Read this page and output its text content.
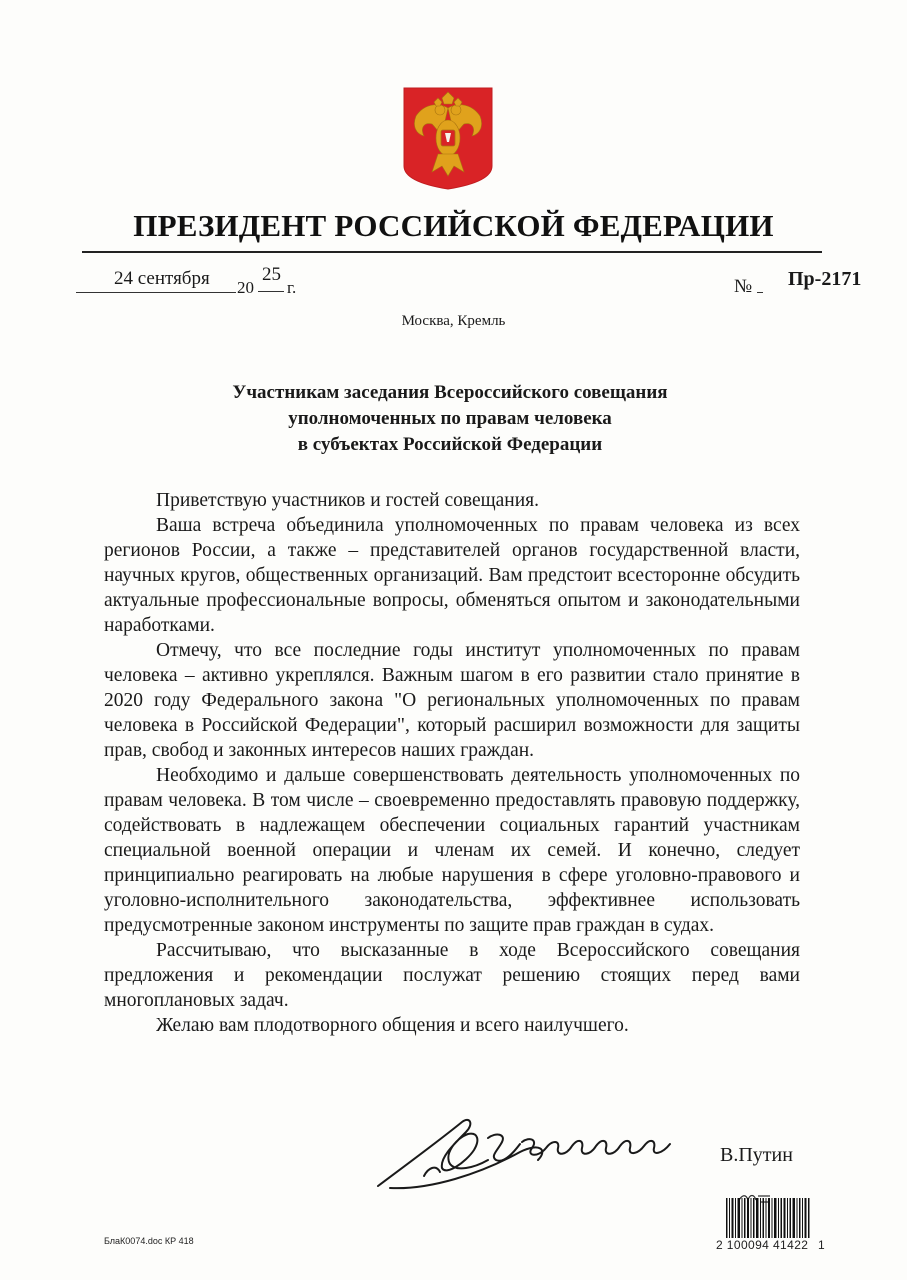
ПРЕЗИДЕНТ РОССИЙСКОЙ ФЕДЕРАЦИИ
24 сентября 20
25
г.	№ Пр-2171
Москва, Кремль
Участникам заседания Всероссийского совещания
уполномоченных по правам человека
в субъектах Российской Федерации

Приветствую участников и гостей совещания.

Ваша встреча объединила уполномоченных по правам человека из всех регионов России, а также – представителей органов государственной власти, научных кругов, общественных организаций. Вам предстоит всесторонне обсудить актуальные профессиональные вопросы, обменяться опытом и законодательными наработками.

Отмечу, что все последние годы институт уполномоченных по правам человека – активно укреплялся. Важным шагом в его развитии стало принятие в 2020 году Федерального закона "О региональных уполномоченных по правам человека в Российской Федерации", который расширил возможности для защиты прав, свобод и законных интересов наших граждан.

Необходимо и дальше совершенствовать деятельность уполномоченных по правам человека. В том числе – своевременно предоставлять правовую поддержку, содействовать в надлежащем обеспечении социальных гарантий участникам специальной военной операции и членам их семей. И конечно, следует принципиально реагировать на любые нарушения в сфере уголовно-правового и уголовно-исполнительного законодательства, эффективнее использовать предусмотренные законом инструменты по защите прав граждан в судах.

Рассчитываю, что высказанные в ходе Всероссийского совещания предложения и рекомендации послужат решению стоящих перед вами многоплановых задач.

Желаю вам плодотворного общения и всего наилучшего.

В.Путин
БлаК0074.doc КР 418	2 100094 41422 1
